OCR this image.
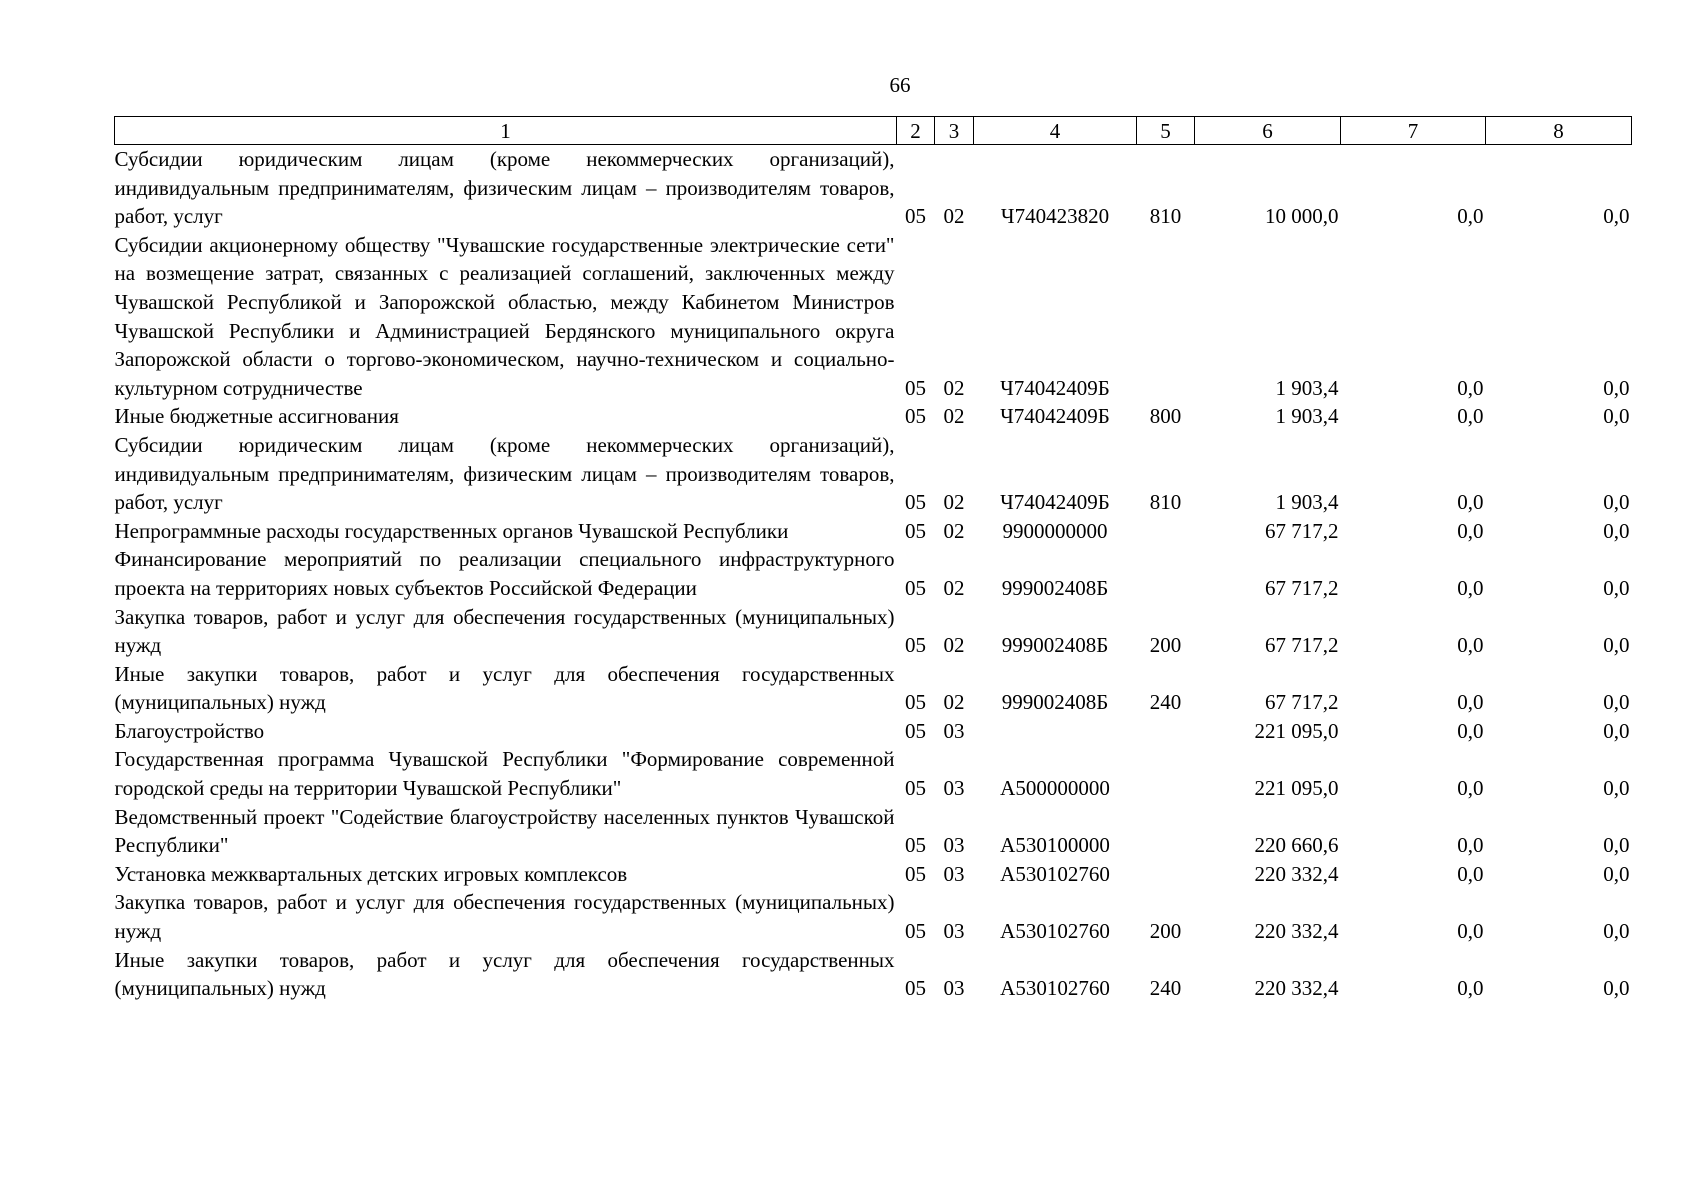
66
1	2	3	4	5	6	7	8
Субсидии юридическим лицам (кроме некоммерческих организаций), индивидуальным предпринимателям, физическим лицам – производителям товаров, работ, услуг	05	02	Ч740423820	810	10 000,0	0,0	0,0
Субсидии акционерному обществу "Чувашские государственные электрические сети" на возмещение затрат, связанных с реализацией соглашений, заключенных между Чувашской Республикой и Запорожской областью, между Кабинетом Министров Чувашской Республики и Администрацией Бердянского муниципального округа Запорожской области о торгово-экономическом, научно-техническом и социально-культурном сотрудничестве	05	02	Ч74042409Б		1 903,4	0,0	0,0
Иные бюджетные ассигнования	05	02	Ч74042409Б	800	1 903,4	0,0	0,0
Субсидии юридическим лицам (кроме некоммерческих организаций), индивидуальным предпринимателям, физическим лицам – производителям товаров, работ, услуг	05	02	Ч74042409Б	810	1 903,4	0,0	0,0
Непрограммные расходы государственных органов Чувашской Республики	05	02	9900000000		67 717,2	0,0	0,0
Финансирование мероприятий по реализации специального инфраструктурного проекта на территориях новых субъектов Российской Федерации	05	02	999002408Б		67 717,2	0,0	0,0
Закупка товаров, работ и услуг для обеспечения государственных (муниципальных) нужд	05	02	999002408Б	200	67 717,2	0,0	0,0
Иные закупки товаров, работ и услуг для обеспечения государственных (муниципальных) нужд	05	02	999002408Б	240	67 717,2	0,0	0,0
Благоустройство	05	03			221 095,0	0,0	0,0
Государственная программа Чувашской Республики "Формирование современной городской среды на территории Чувашской Республики"	05	03	А500000000		221 095,0	0,0	0,0
Ведомственный проект "Содействие благоустройству населенных пунктов Чувашской Республики"	05	03	А530100000		220 660,6	0,0	0,0
Установка межквартальных детских игровых комплексов	05	03	А530102760		220 332,4	0,0	0,0
Закупка товаров, работ и услуг для обеспечения государственных (муниципальных) нужд	05	03	А530102760	200	220 332,4	0,0	0,0
Иные закупки товаров, работ и услуг для обеспечения государственных (муниципальных) нужд	05	03	А530102760	240	220 332,4	0,0	0,0
